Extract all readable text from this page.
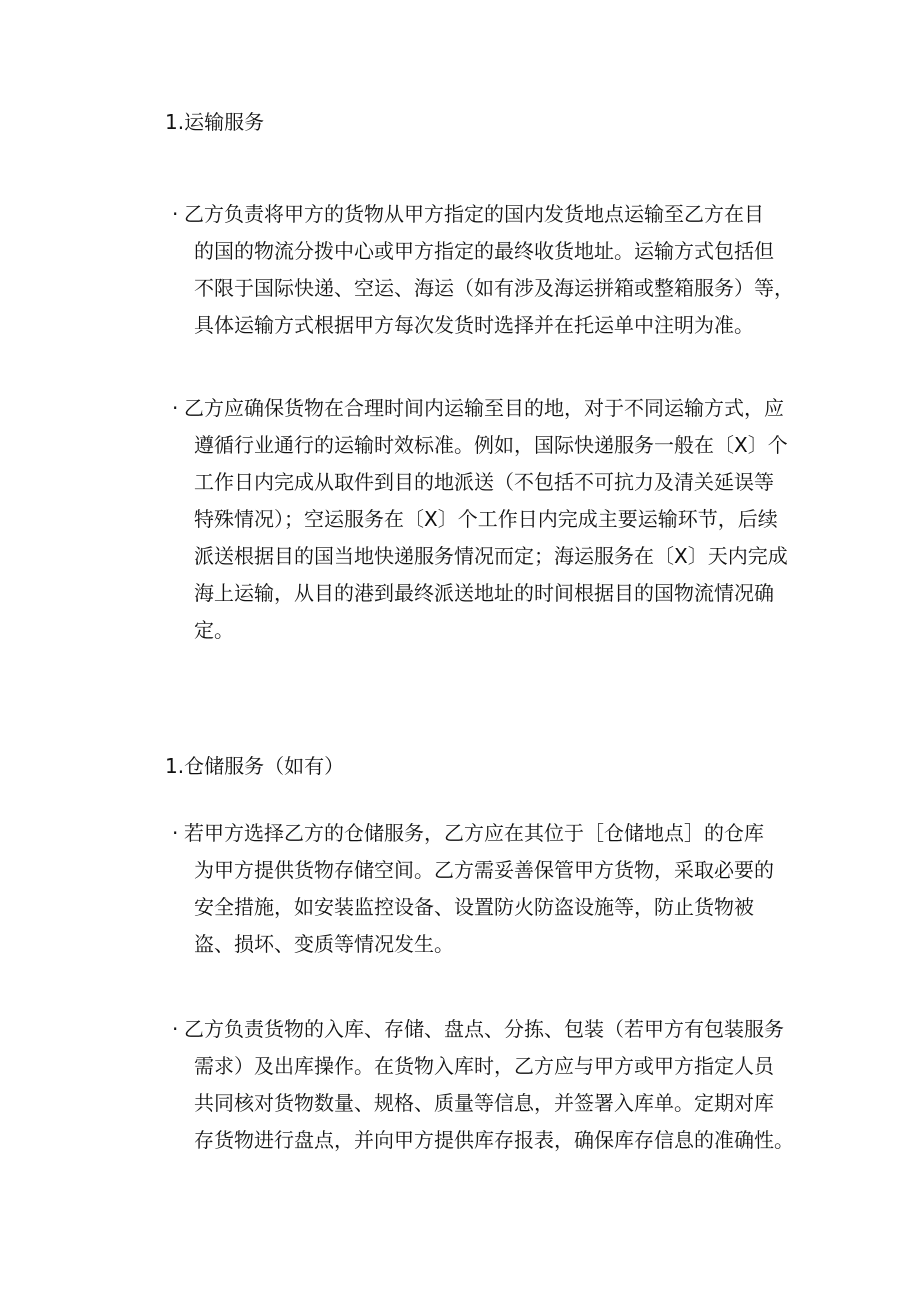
1.运输服务
· 乙方负责将甲方的货物从甲方指定的国内发货地点运输至乙方在目
的国的物流分拨中心或甲方指定的最终收货地址。运输方式包括但
不限于国际快递、空运、海运（如有涉及海运拼箱或整箱服务）等，
具体运输方式根据甲方每次发货时选择并在托运单中注明为准。

· 乙方应确保货物在合理时间内运输至目的地，对于不同运输方式，应
遵循行业通行的运输时效标准。例如，国际快递服务一般在〔X〕个
工作日内完成从取件到目的地派送（不包括不可抗力及清关延误等
特殊情况）；空运服务在〔X〕个工作日内完成主要运输环节，后续
派送根据目的国当地快递服务情况而定；海运服务在〔X〕天内完成
海上运输，从目的港到最终派送地址的时间根据目的国物流情况确
定。

1.仓储服务（如有）
· 若甲方选择乙方的仓储服务，乙方应在其位于［仓储地点］的仓库
为甲方提供货物存储空间。乙方需妥善保管甲方货物，采取必要的
安全措施，如安装监控设备、设置防火防盗设施等，防止货物被
盗、损坏、变质等情况发生。

· 乙方负责货物的入库、存储、盘点、分拣、包装（若甲方有包装服务
需求）及出库操作。在货物入库时，乙方应与甲方或甲方指定人员
共同核对货物数量、规格、质量等信息，并签署入库单。定期对库
存货物进行盘点，并向甲方提供库存报表，确保库存信息的准确性。
